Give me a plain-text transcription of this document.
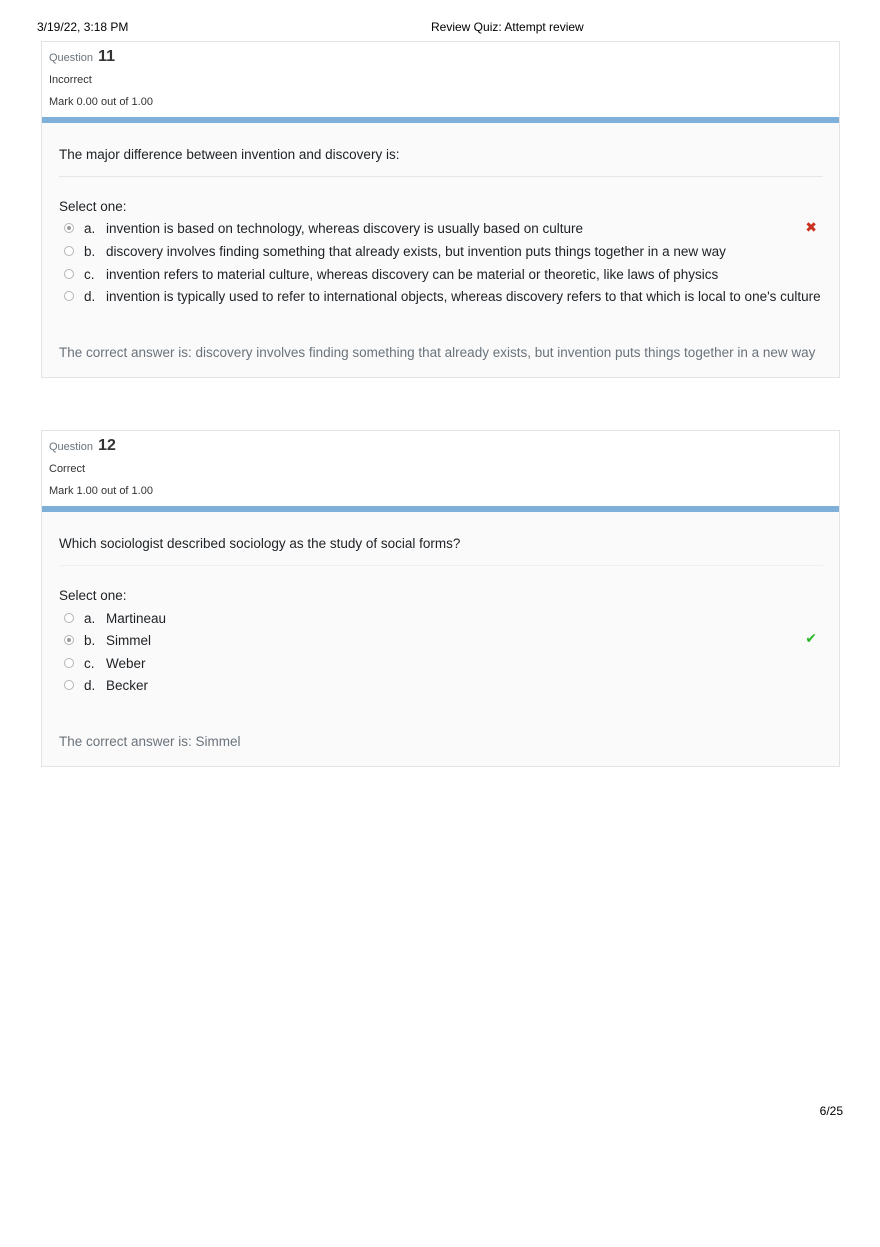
3/19/22, 3:18 PM	Review Quiz: Attempt review
Question 11
Incorrect
Mark 0.00 out of 1.00
The major difference between invention and discovery is:
Select one:
a. invention is based on technology, whereas discovery is usually based on culture	✖
b. discovery involves finding something that already exists, but invention puts things together in a new way
c. invention refers to material culture, whereas discovery can be material or theoretic, like laws of physics
d. invention is typically used to refer to international objects, whereas discovery refers to that which is local to one's culture
The correct answer is: discovery involves finding something that already exists, but invention puts things together in a new way
Question 12
Correct
Mark 1.00 out of 1.00
Which sociologist described sociology as the study of social forms?
Select one:
a. Martineau
b. Simmel	✔
c. Weber
d. Becker
The correct answer is: Simmel
6/25
